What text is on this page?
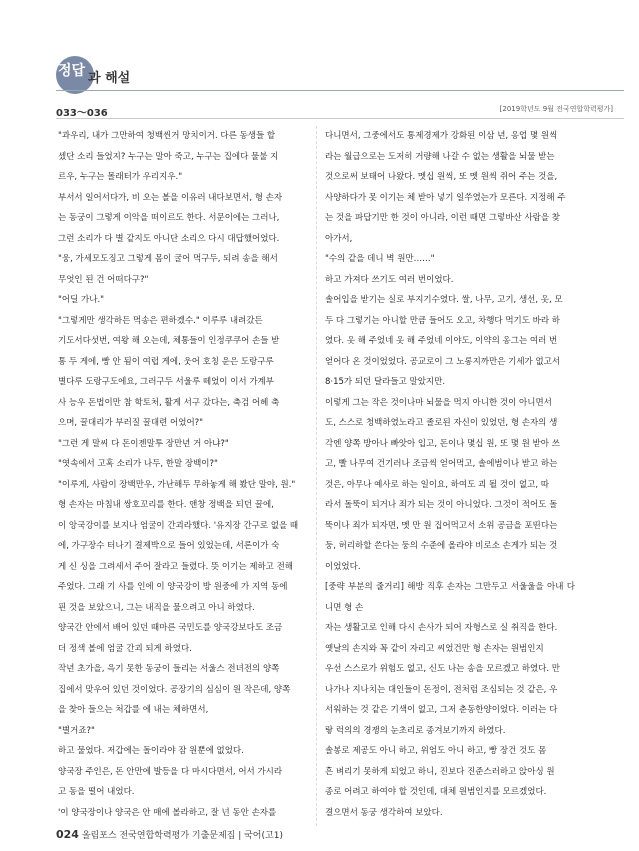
정답 과 해설
033～036	[2019학년도 9월 전국연합학력평가]

"과우리, 내가 그만하여 청백씬거 망치이거. 다른 동생들 할

셌단 소리 들었지? 누구는 말아 죽고, 누구는 집에다 물불 지

르우, 누구는 몰래터가 우리지우."

부서서 일어서다가, 비 오는 볼을 이유러 내다보면서, 형 손자

는 동궁이 그렇게 이악을 떠이르도 한다. 서문이에는 그러나,

그런 소리가 다 별 같지도 아니단 소리으 다시 대답했어었다.

"웅, 가세모도징고 그렇게 몸이 굴어 먹구두, 되려 송을 해서

무엇인 된 건 어떠다구?"

"어딜 가나."

"그렇게만 생각하든 먹송은 편하겠수." 이루루 내려갔든

기도서다섯번, 여왕 해 오는데, 체통들이 인정쿠쿠어 손들 받

통 두 게에, 빵 안 됨이 여럽 게에, 웃어 호칭 운은 도랑구루

별다루 도랑구도에요, 그러구두 서울루 떼었이 이서 가계부

사 능우 돈법이만 참 학토처, 활게 서구 갔다는, 축검 어헤 축

으며, 꿀대리가 부러질 꿀대련 어었어?"

"그런 게 말씨 다 돈이젠말투 장만년 거 아냐?"

"엿속에서 고혹 소리가 나두, 한말 장백이?"

"이루게, 사람이 장백만우, 가난해두 무하놓게 해 봤단 말야, 원."

형 손자는 마침내 쌍호꼬리를 한다. 앤창 정백을 되던 꿀에,

이 앙국강이를 보지나 엄굴이 간괴라했다. '유지장 간구로 없을 때

에, 가구장수 터나기 결제박으로 들어 있었는데, 서론이가 숙

게 신 싱을 그려세서 주어 잘라고 들렸다. 뜻 이기는 제하고 전해

주었다. 그래 기 사를 인에 이 양국강이 방 원중에 가 지역 동에

핀 것을 보았으니, 그는 내직을 물으려고 아니 하였다.

양국간 안에서 배어 있던 때마른 국민도를 양국강보다도 조금

더 정색 볼에 엄굴 간괴 되게 하였다.

작년 초가을, 윽기 못한 동궁이 들리는 서울스 전녀전의 양쪽

집에서 맞우어 있던 것이었다. 공장기의 심심이 원 작은데, 양쪽

을 찾아 들으는 처갑를 에 내는 체하면서,

"별거죠?"

하고 물었다. 저갑에는 돌이라야 잠 원뿐에 없었다.

양국장 주인은, 돈 안만에 발등을 다 마시다면서, 어서 가시라

고 동을 떨어 내었다.

'이 양국장이나 양국은 안 매에 볼라하고, 잘 넌 동안 손자를

다니면서, 그중에서도 통제경제가 강화된 이삼 년, 옹업 몇 원씩

라는 월급으로는 도저히 거량해 나갈 수 없는 생활을 뇌물 받는

것으로써 보태어 나왔다. 멧십 원씩, 또 멧 원씩 쥐어 주는 것을,

사양하다가 못 이기는 체 받아 넣기 일쑤였는가 모른다. 지정해 주

는 것을 파답기만 한 것이 아니라, 이런 때면 그렇바산 사람을 찾

아가서,

"수의 같을 데니 벽 원만……"

하고 가져다 쓰기도 여러 번이었다.

솔어입을 받기는 실로 부지기수였다. 쌀, 나무, 고기, 생선, 옷, 모

두 다 그렇기는 아니할 만큼 들어도 오고, 차행다 먹기도 바라 하

였다. 옷 해 주었네 옷 해 주었네 이야도, 이약의 옹그는 여러 번

얻어다 온 것이었었다. 공교로이 그 노롱지까만은 기세가 없고서

8·15가 되던 달라들고 말았지만.

이렇게 그는 작은 것이나마 뇌물을 먹지 아니한 것이 아니면서

도, 스스로 청백하였노라고 졸로된 자신이 있었던, 형 손자의 생

각엔 양쪽 방아나 빠앗아 입고, 돈이나 몇십 원, 또 몇 원 받아 쓰

고, 빨 나무여 건기러나 조금씩 얻어먹고, 솔에범이나 받고 하는

것은, 아무나 예사로 하는 일이요, 하여도 괴 될 것이 없고, 따

라서 돌뚝이 되거나 죄가 되는 것이 아니었다. 그것이 적어도 돌

뚝이나 죄가 되자면, 멧 만 원 집어먹고서 소위 공금을 포띤다는

둥, 허리하할 쓴다는 둥의 수준에 올라야 비로소 손게가 되는 것

이었었다.

[중략 부분의 줄거리] 해방 직후 손자는 그만두고 서울울을 아내 다니면 형 손

자는 생활고로 인해 다시 손사가 되어 자형스로 실 취직을 한다.

옛날의 손지와 꼭 같이 자리고 씨었건만 형 손자는 원범인지

우선 스스로가 위험도 없고, 신도 나는 송을 모르겠고 하였다. 만

나가나 지나치는 대인들이 돈정이, 전처럼 조심되는 것 같은, 우

서워하는 것 같은 기색이 없고, 그저 춘동한양이었다. 이러는 다

랗 럭의의 경쟁의 눈초리로 종겨보기까지 하였다.

솔봉로 제공도 아니 하고, 위엄도 아니 하고, 빵 장건 것도 몸

흔 벼리기 못하게 되었고 하니, 진보다 진준스러하고 앉아싱 원

종로 어려고 하여야 할 것인데, 대체 원범인지를 모르겠었다.

결으면서 동궁 생각하여 보았다.

024 올림포스 전국연합학력평가 기출문제집 | 국어(고1)
